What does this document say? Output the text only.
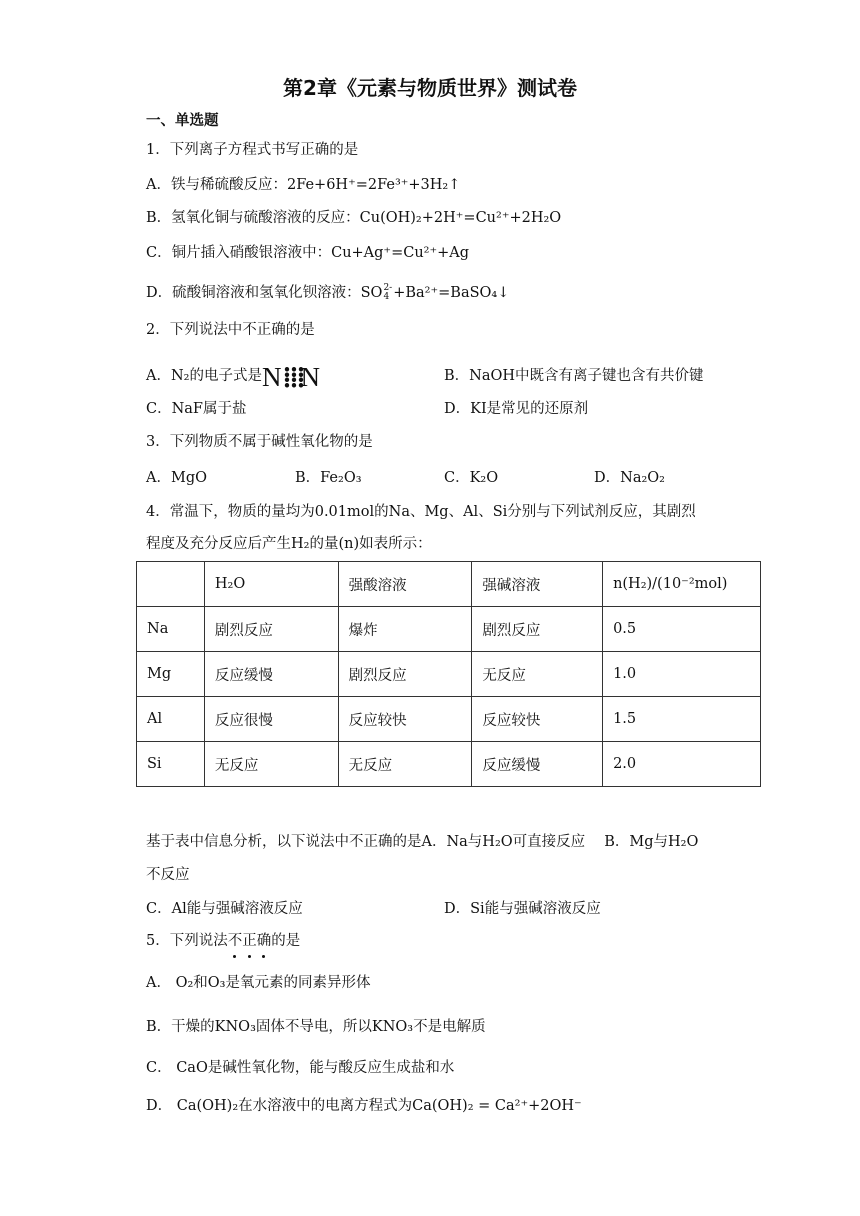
第2章《元素与物质世界》测试卷
一、单选题
1．下列离子方程式书写正确的是
A．铁与稀硫酸反应：2Fe+6H⁺=2Fe³⁺+3H₂↑
B．氢氧化铜与硫酸溶液的反应：Cu(OH)₂+2H⁺=Cu²⁺+2H₂O
C．铜片插入硝酸银溶液中：Cu+Ag⁺=Cu²⁺+Ag
D．硫酸铜溶液和氢氧化钡溶液：SO2-
4 +Ba²⁺=BaSO₄↓
2．下列说法中不正确的是
A．N₂的电子式是N⁞⁞⁞N	B．NaOH中既含有离子键也含有共价键
C．NaF属于盐	D．KI是常见的还原剂
3．下列物质不属于碱性氧化物的是
A．MgO	B．Fe₂O₃	C．K₂O	D．Na₂O₂
4．常温下，物质的量均为0.01mol的Na、Mg、Al、Si分别与下列试剂反应，其剧烈
程度及充分反应后产生H₂的量(n)如表所示：
	H₂O	强酸溶液	强碱溶液	n(H₂)/(10⁻²mol)
Na	剧烈反应	爆炸	剧烈反应	0.5
Mg	反应缓慢	剧烈反应	无反应	1.0
Al	反应很慢	反应较快	反应较快	1.5
Si	无反应	无反应	反应缓慢	2.0
基于表中信息分析，以下说法中不正确的是A．Na与H₂O可直接反应　 B．Mg与H₂O
不反应
C．Al能与强碱溶液反应	D．Si能与强碱溶液反应
5．下列说法不正确的是
A． O₂和O₃是氧元素的同素异形体
B．干燥的KNO₃固体不导电，所以KNO₃不是电解质
C． CaO是碱性氧化物，能与酸反应生成盐和水
D． Ca(OH)₂在水溶液中的电离方程式为Ca(OH)₂ = Ca²⁺+2OH⁻
